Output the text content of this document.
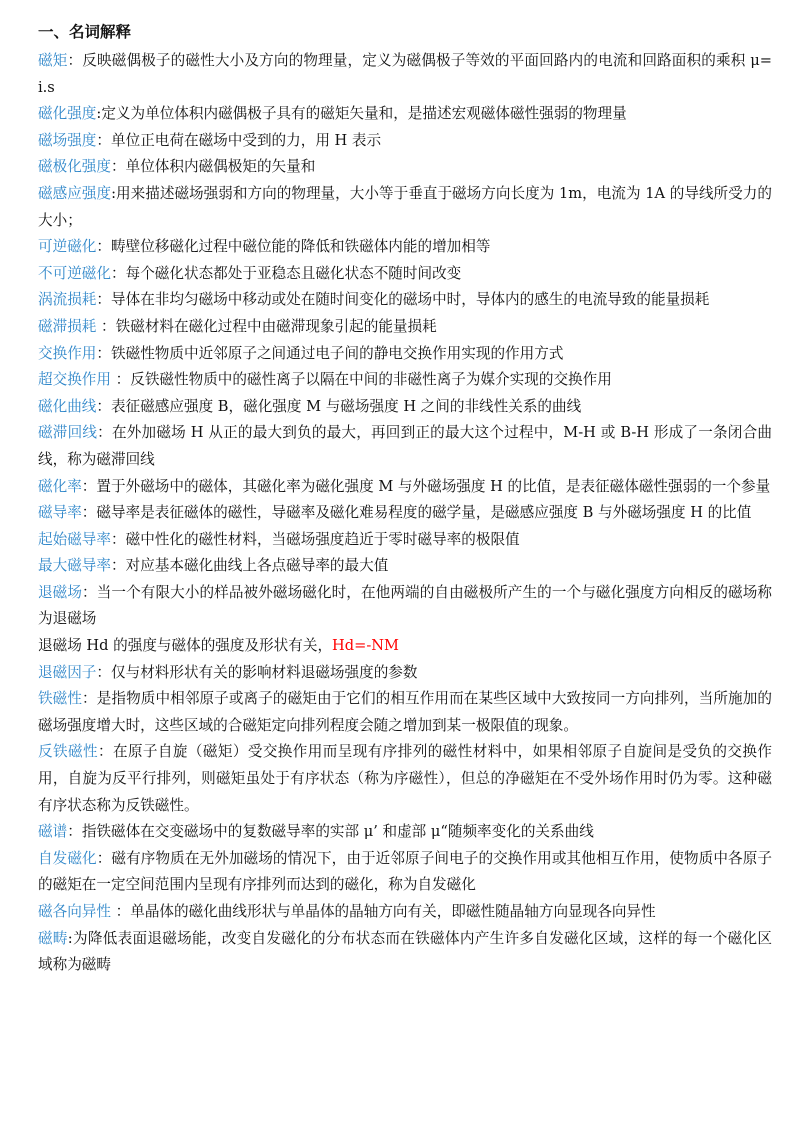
一、名词解释

磁矩：反映磁偶极子的磁性大小及方向的物理量，定义为磁偶极子等效的平面回路内的电流和回路面积的乘积 μ=i.s

磁化强度:定义为单位体积内磁偶极子具有的磁矩矢量和，是描述宏观磁体磁性强弱的物理量

磁场强度：单位正电荷在磁场中受到的力，用 H 表示

磁极化强度：单位体积内磁偶极矩的矢量和

磁感应强度:用来描述磁场强弱和方向的物理量，大小等于垂直于磁场方向长度为 1m，电流为 1A 的导线所受力的大小；

可逆磁化：畴壁位移磁化过程中磁位能的降低和铁磁体内能的增加相等

不可逆磁化：每个磁化状态都处于亚稳态且磁化状态不随时间改变

涡流损耗：导体在非均匀磁场中移动或处在随时间变化的磁场中时，导体内的感生的电流导致的能量损耗

磁滞损耗 ：铁磁材料在磁化过程中由磁滞现象引起的能量损耗

交换作用：铁磁性物质中近邻原子之间通过电子间的静电交换作用实现的作用方式

超交换作用 ：反铁磁性物质中的磁性离子以隔在中间的非磁性离子为媒介实现的交换作用

磁化曲线：表征磁感应强度 B，磁化强度 M 与磁场强度 H 之间的非线性关系的曲线

磁滞回线：在外加磁场 H 从正的最大到负的最大，再回到正的最大这个过程中，M-H 或 B-H 形成了一条闭合曲线，称为磁滞回线

磁化率：置于外磁场中的磁体，其磁化率为磁化强度 M 与外磁场强度 H 的比值，是表征磁体磁性强弱的一个参量

磁导率：磁导率是表征磁体的磁性，导磁率及磁化难易程度的磁学量，是磁感应强度 B 与外磁场强度 H 的比值

起始磁导率：磁中性化的磁性材料，当磁场强度趋近于零时磁导率的极限值

最大磁导率：对应基本磁化曲线上各点磁导率的最大值

退磁场：当一个有限大小的样品被外磁场磁化时，在他两端的自由磁极所产生的一个与磁化强度方向相反的磁场称为退磁场

退磁场 Hd 的强度与磁体的强度及形状有关，Hd=-NM

退磁因子：仅与材料形状有关的影响材料退磁场强度的参数

铁磁性：是指物质中相邻原子或离子的磁矩由于它们的相互作用而在某些区域中大致按同一方向排列，当所施加的磁场强度增大时，这些区域的合磁矩定向排列程度会随之增加到某一极限值的现象。

反铁磁性：在原子自旋（磁矩）受交换作用而呈现有序排列的磁性材料中，如果相邻原子自旋间是受负的交换作用，自旋为反平行排列，则磁矩虽处于有序状态（称为序磁性），但总的净磁矩在不受外场作用时仍为零。这种磁有序状态称为反铁磁性。

磁谱：指铁磁体在交变磁场中的复数磁导率的实部 μ’ 和虚部 μ“随频率变化的关系曲线

自发磁化：磁有序物质在无外加磁场的情况下，由于近邻原子间电子的交换作用或其他相互作用，使物质中各原子的磁矩在一定空间范围内呈现有序排列而达到的磁化，称为自发磁化

磁各向异性 ：单晶体的磁化曲线形状与单晶体的晶轴方向有关，即磁性随晶轴方向显现各向异性

磁畴:为降低表面退磁场能，改变自发磁化的分布状态而在铁磁体内产生许多自发磁化区域，这样的每一个磁化区域称为磁畴
